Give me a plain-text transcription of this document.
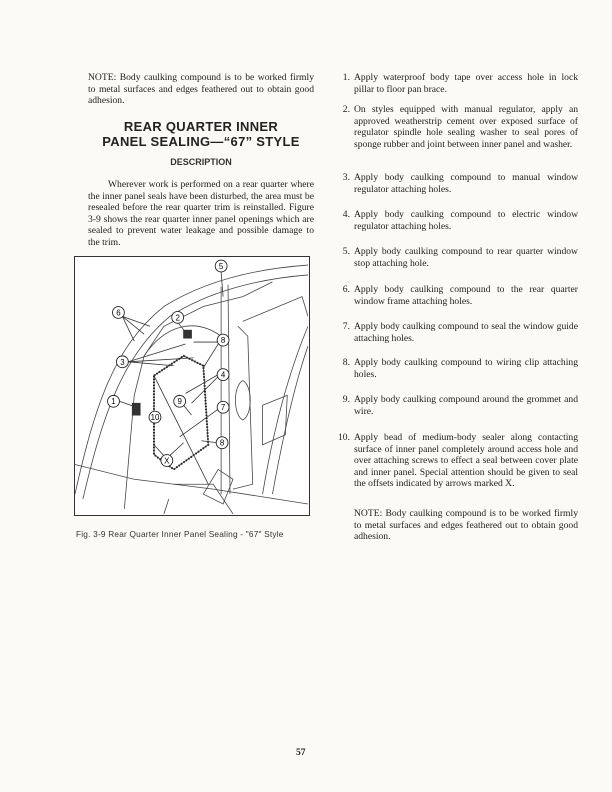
NOTE: Body caulking compound is to be worked firmly to metal surfaces and edges feathered out to obtain good adhesion.
REAR QUARTER INNER
PANEL SEALING—“67” STYLE
DESCRIPTION
Wherever work is performed on a rear quarter where the inner panel seals have been disturbed, the area must be resealed before the rear quarter trim is reinstalled. Figure 3-9 shows the rear quarter inner panel openings which are sealed to prevent water leakage and possible damage to the trim.
5
6
2
8
3
4
1	9
10
7
8
X
Fig. 3-9 Rear Quarter Inner Panel Sealing - "67" Style
1. Apply waterproof body tape over access hole in lock pillar to floor pan brace.
2. On styles equipped with manual regulator, apply an approved weatherstrip cement over exposed surface of regulator spindle hole sealing washer to seal pores of sponge rubber and joint between inner panel and washer.
3. Apply body caulking compound to manual window regulator attaching holes.
4. Apply body caulking compound to electric window regulator attaching holes.
5. Apply body caulking compound to rear quarter window stop attaching hole.
6. Apply body caulking compound to the rear quarter window frame attaching holes.
7. Apply body caulking compound to seal the window guide attaching holes.
8. Apply body caulking compound to wiring clip attaching holes.
9. Apply body caulking compound around the grommet and wire.
10. Apply bead of medium-body sealer along contacting surface of inner panel completely around access hole and over attaching screws to effect a seal between cover plate and inner panel. Special attention should be given to seal the offsets indicated by arrows marked X.
NOTE: Body caulking compound is to be worked firmly to metal surfaces and edges feathered out to obtain good adhesion.
57
